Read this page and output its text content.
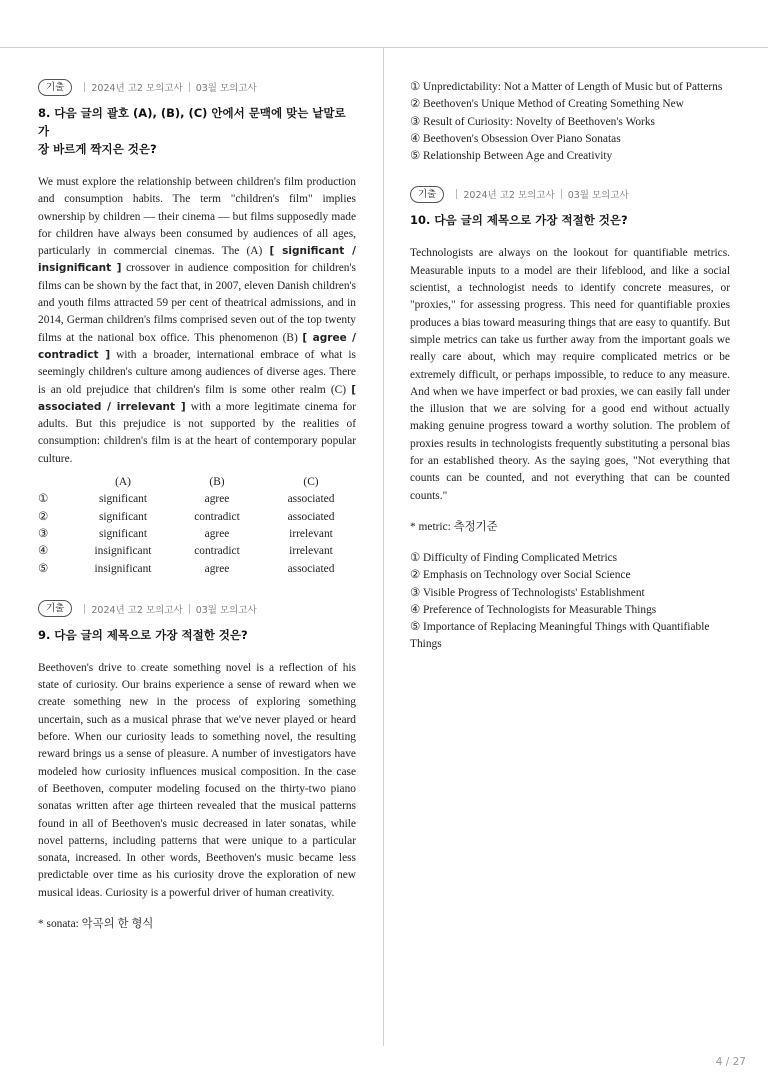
기출	2024년 고2 모의고사 03월 모의고사
8. 다음 글의 괄호 (A), (B), (C) 안에서 문맥에 맞는 낱말로 가
장 바르게 짝지은 것은?

We must explore the relationship between children's film production and consumption habits. The term "children's film" implies ownership by children — their cinema — but films supposedly made for children have always been consumed by audiences of all ages, particularly in commercial cinemas. The (A) [ significant / insignificant ] crossover in audience composition for children's films can be shown by the fact that, in 2007, eleven Danish children's and youth films attracted 59 per cent of theatrical admissions, and in 2014, German children's films comprised seven out of the top twenty films at the national box office. This phenomenon (B) [ agree / contradict ] with a broader, international embrace of what is seemingly children's culture among audiences of diverse ages. There is an old prejudice that children's film is some other realm (C) [ associated / irrelevant ] with a more legitimate cinema for adults. But this prejudice is not supported by the realities of consumption: children's film is at the heart of contemporary popular culture.

	(A)	(B)	(C)
①	significant	agree	associated
②	significant	contradict	associated
③	significant	agree	irrelevant
④	insignificant	contradict	irrelevant
⑤	insignificant	agree	associated
기출	2024년 고2 모의고사 03월 모의고사
9. 다음 글의 제목으로 가장 적절한 것은?

Beethoven's drive to create something novel is a reflection of his state of curiosity. Our brains experience a sense of reward when we create something new in the process of exploring something uncertain, such as a musical phrase that we've never played or heard before. When our curiosity leads to something novel, the resulting reward brings us a sense of pleasure. A number of investigators have modeled how curiosity influences musical composition. In the case of Beethoven, computer modeling focused on the thirty-two piano sonatas written after age thirteen revealed that the musical patterns found in all of Beethoven's music decreased in later sonatas, while novel patterns, including patterns that were unique to a particular sonata, increased. In other words, Beethoven's music became less predictable over time as his curiosity drove the exploration of new musical ideas. Curiosity is a powerful driver of human creativity.

* sonata: 악곡의 한 형식

① Unpredictability: Not a Matter of Length of Music but of Patterns
② Beethoven's Unique Method of Creating Something New
③ Result of Curiosity: Novelty of Beethoven's Works
④ Beethoven's Obsession Over Piano Sonatas
⑤ Relationship Between Age and Creativity
기출	2024년 고2 모의고사 03월 모의고사
10. 다음 글의 제목으로 가장 적절한 것은?

Technologists are always on the lookout for quantifiable metrics. Measurable inputs to a model are their lifeblood, and like a social scientist, a technologist needs to identify concrete measures, or "proxies," for assessing progress. This need for quantifiable proxies produces a bias toward measuring things that are easy to quantify. But simple metrics can take us further away from the important goals we really care about, which may require complicated metrics or be extremely difficult, or perhaps impossible, to reduce to any measure. And when we have imperfect or bad proxies, we can easily fall under the illusion that we are solving for a good end without actually making genuine progress toward a worthy solution. The problem of proxies results in technologists frequently substituting a personal bias for an established theory. As the saying goes, "Not everything that counts can be counted, and not everything that can be counted counts."

* metric: 측정기준

① Difficulty of Finding Complicated Metrics
② Emphasis on Technology over Social Science
③ Visible Progress of Technologists' Establishment
④ Preference of Technologists for Measurable Things
⑤ Importance of Replacing Meaningful Things with Quantifiable Things
4 / 27
